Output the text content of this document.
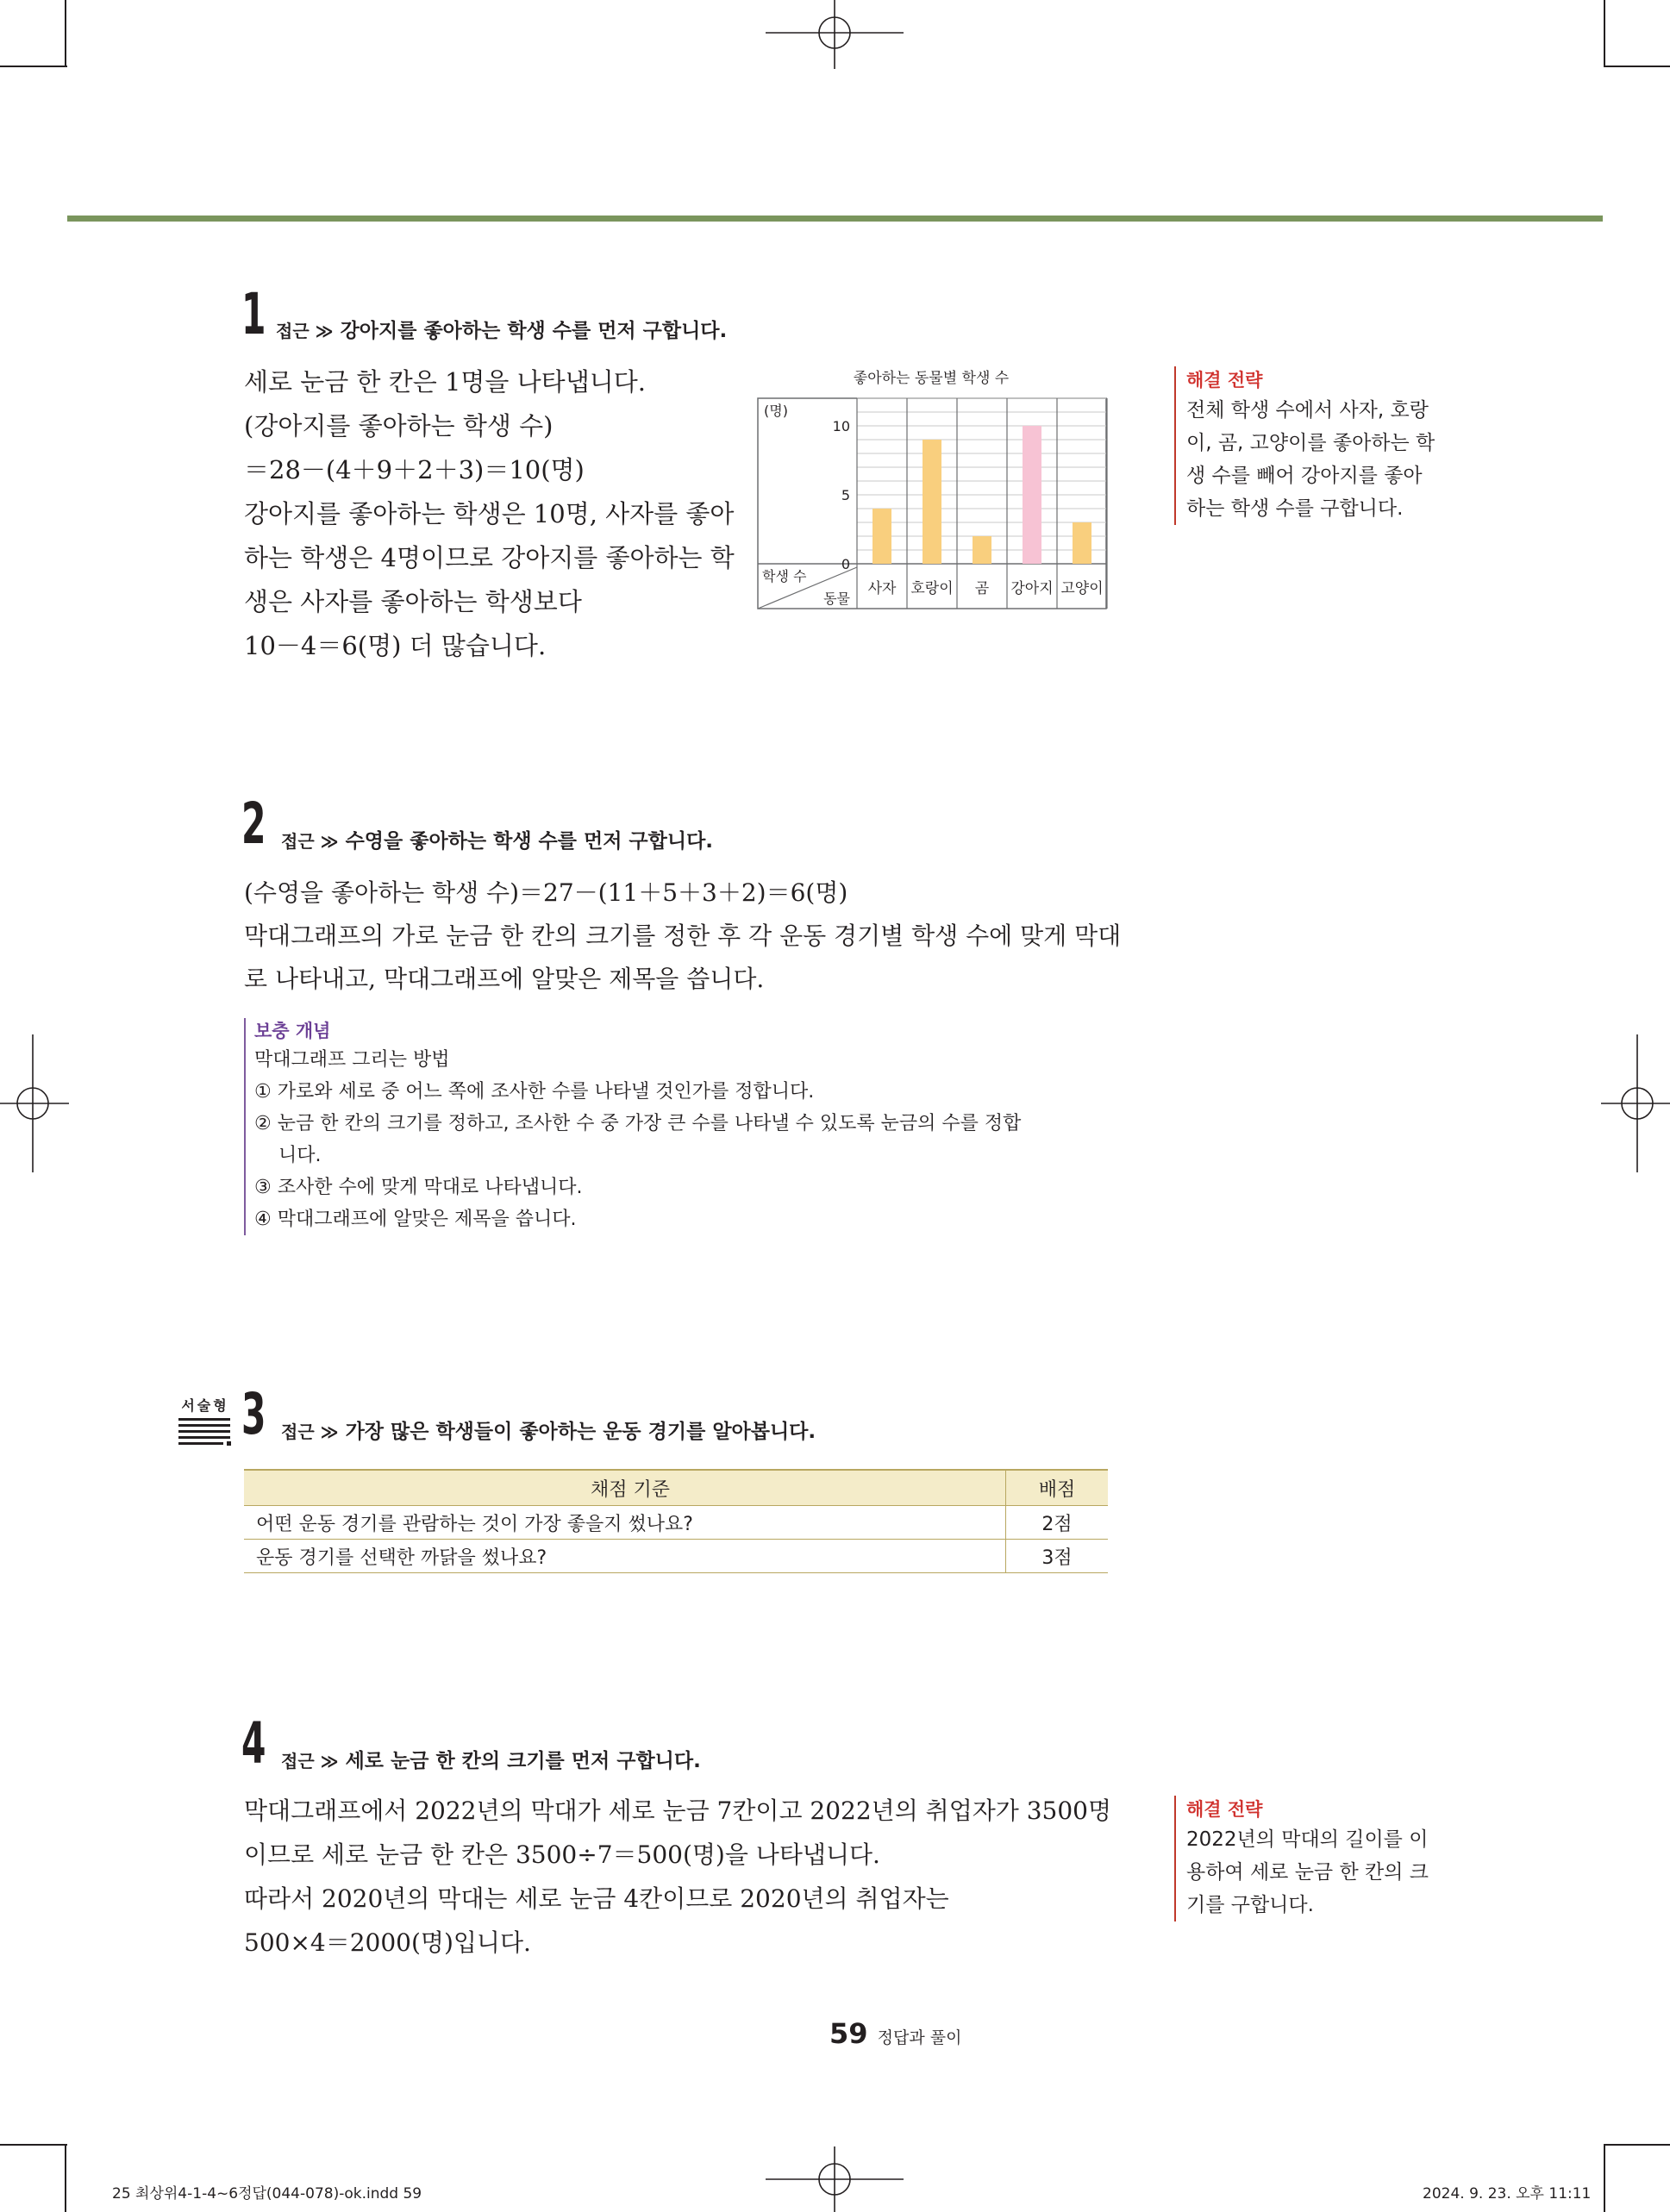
1 접근 ≫ 강아지를 좋아하는 학생 수를 먼저 구합니다.
세로 눈금 한 칸은 1명을 나타냅니다.
(강아지를 좋아하는 학생 수)
＝28－(4＋9＋2＋3)＝10(명)
강아지를 좋아하는 학생은 10명, 사자를 좋아
하는 학생은 4명이므로 강아지를 좋아하는 학
생은 사자를 좋아하는 학생보다
10－4＝6(명) 더 많습니다.
좋아하는 동물별 학생 수
사자 호랑이 곰 강아지 고양이
10
5
0
(명)
학생 수
동물
해결 전략
전체 학생 수에서 사자, 호랑
이, 곰, 고양이를 좋아하는 학
생 수를 빼어 강아지를 좋아
하는 학생 수를 구합니다.
2 접근 ≫ 수영을 좋아하는 학생 수를 먼저 구합니다.
(수영을 좋아하는 학생 수)＝27－(11＋5＋3＋2)＝6(명)
막대그래프의 가로 눈금 한 칸의 크기를 정한 후 각 운동 경기별 학생 수에 맞게 막대
로 나타내고, 막대그래프에 알맞은 제목을 씁니다.
보충 개념
막대그래프 그리는 방법
① 가로와 세로 중 어느 쪽에 조사한 수를 나타낼 것인가를 정합니다.
② 눈금 한 칸의 크기를 정하고, 조사한 수 중 가장 큰 수를 나타낼 수 있도록 눈금의 수를 정합
니다.
③ 조사한 수에 맞게 막대로 나타냅니다.
④ 막대그래프에 알맞은 제목을 씁니다.
서술형 3 접근 ≫ 가장 많은 학생들이 좋아하는 운동 경기를 알아봅니다.
채점 기준	배점
어떤 운동 경기를 관람하는 것이 가장 좋을지 썼나요?	2점
운동 경기를 선택한 까닭을 썼나요?	3점
4 접근 ≫ 세로 눈금 한 칸의 크기를 먼저 구합니다.
막대그래프에서 2022년의 막대가 세로 눈금 7칸이고 2022년의 취업자가 3500명
이므로 세로 눈금 한 칸은 3500÷7＝500(명)을 나타냅니다.
따라서 2020년의 막대는 세로 눈금 4칸이므로 2020년의 취업자는
500×4＝2000(명)입니다.
해결 전략
2022년의 막대의 길이를 이
용하여 세로 눈금 한 칸의 크
기를 구합니다.
59 정답과 풀이
25 최상위4-1-4~6정답(044-078)-ok.indd 59	2024. 9. 23. 오후 11:11
